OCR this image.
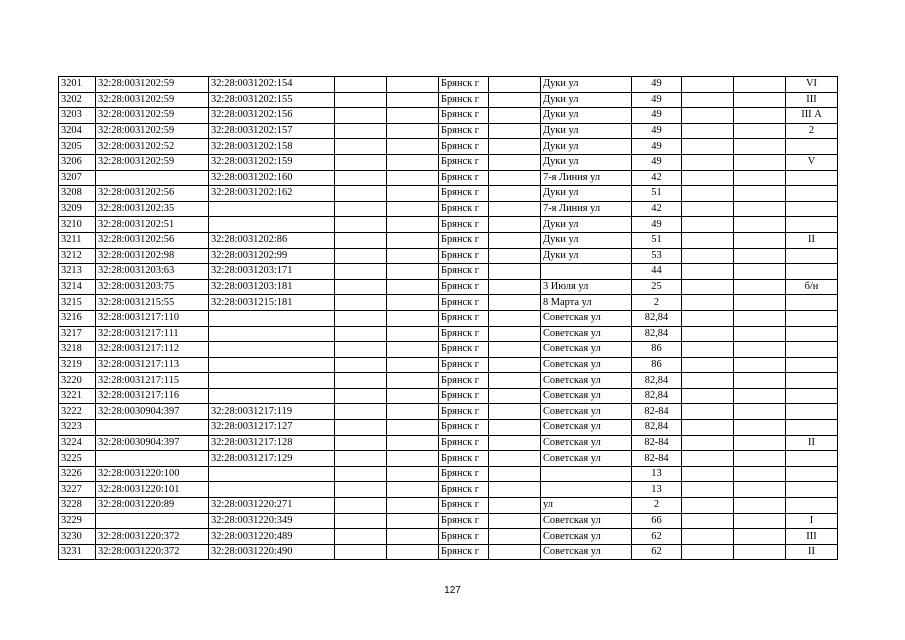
3201	32:28:0031202:59	32:28:0031202:154			Брянск г		Дуки ул	49			VI
3202	32:28:0031202:59	32:28:0031202:155			Брянск г		Дуки ул	49			III
3203	32:28:0031202:59	32:28:0031202:156			Брянск г		Дуки ул	49			III А
3204	32:28:0031202:59	32:28:0031202:157			Брянск г		Дуки ул	49			2
3205	32:28:0031202:52	32:28:0031202:158			Брянск г		Дуки ул	49			
3206	32:28:0031202:59	32:28:0031202:159			Брянск г		Дуки ул	49			V
3207		32:28:0031202:160			Брянск г		7-я Линия ул	42			
3208	32:28:0031202:56	32:28:0031202:162			Брянск г		Дуки ул	51			
3209	32:28:0031202:35				Брянск г		7-я Линия ул	42			
3210	32:28:0031202:51				Брянск г		Дуки ул	49			
3211	32:28:0031202:56	32:28:0031202:86			Брянск г		Дуки ул	51			II
3212	32:28:0031202:98	32:28:0031202:99			Брянск г		Дуки ул	53			
3213	32:28:0031203:63	32:28:0031203:171			Брянск г			44			
3214	32:28:0031203:75	32:28:0031203:181			Брянск г		3 Июля ул	25			б/н
3215	32:28:0031215:55	32:28:0031215:181			Брянск г		8 Марта ул	2			
3216	32:28:0031217:110				Брянск г		Советская ул	82,84			
3217	32:28:0031217:111				Брянск г		Советская ул	82,84			
3218	32:28:0031217:112				Брянск г		Советская ул	86			
3219	32:28:0031217:113				Брянск г		Советская ул	86			
3220	32:28:0031217:115				Брянск г		Советская ул	82,84			
3221	32:28:0031217:116				Брянск г		Советская ул	82,84			
3222	32:28:0030904:397	32:28:0031217:119			Брянск г		Советская ул	82-84			
3223		32:28:0031217:127			Брянск г		Советская ул	82,84			
3224	32:28:0030904:397	32:28:0031217:128			Брянск г		Советская ул	82-84			II
3225		32:28:0031217:129			Брянск г		Советская ул	82-84			
3226	32:28:0031220:100				Брянск г			13			
3227	32:28:0031220:101				Брянск г			13			
3228	32:28:0031220:89	32:28:0031220:271			Брянск г		ул	2			
3229		32:28:0031220:349			Брянск г		Советская ул	66			I
3230	32:28:0031220:372	32:28:0031220:489			Брянск г		Советская ул	62			III
3231	32:28:0031220:372	32:28:0031220:490			Брянск г		Советская ул	62			II
127
